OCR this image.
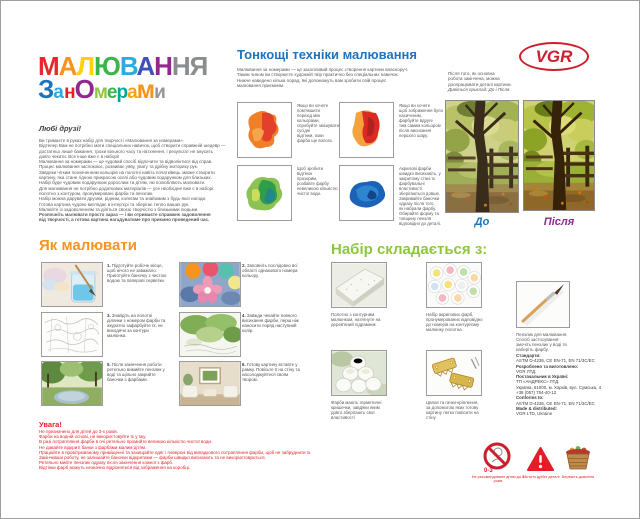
МАЛЮВАННЯ
За нОмерами
Любі друзі!
Ви тримаєте в руках набір для творчості «Малювання за номерами».
Відтепер Вам не потрібно мати спеціальних навичок, щоб створити справжній шедевр —
достатньо лише бажання, трохи вільного часу та натхнення, і результат не змусить
довго чекати. Все інше вже є в наборі!
Малювання за номерами — це чудовий спосіб відпочити та відволіктися від справ.
Процес малювання заспокоює, розвиває уяву, увагу та дрібну моторику рук.
Завдяки чітким позначенням кольорів на полотні навіть початківець зможе створити
картину, яка стане гідною прикрасою оселі або чудовим подарунком для близьких.
Набір буде чудовим подарунком дорослим та дітям, які полюбляють малювати.
Для малювання не потрібно додаткових матеріалів — усе необхідне вже є в наборі:
полотно з контуром, пронумеровані фарби та пензлик.
Набір можна дарувати друзям, рідним, колегам та знайомим з будь-якої нагоди.
Готова картина чудово виглядає в інтер'єрі та зберігає тепло ваших рук.
Малюйте із задоволенням та діліться своєю творчістю з близькими людьми.
Розпочніть малювати просто зараз — і ви отримаєте справжнє задоволення
від творчості, а готова картина нагадуватиме про приємно проведений час.
Тонкощі техніки малювання
Малювання за номерами — це захопливий процес створення картини власноруч.
Таким чином ви створюєте художній твір практично без спеціальних навичок.
Нижче наведено кілька порад, які допоможуть вам зробити свій процес
малювання приємним.
Якщо ви хочете
пом'якшити
перехід між
кольорами,
спробуйте змішувати
сусідні
відтінки, поки
фарба ще волога.
Якщо ви хочете
щоб зображення було
насиченим,
фарбуйте вдруге
тим самим кольором
після висихання
першого шару.
Щоб зробити
відтінок
прозорим,
розбавте фарбу
невеликою кількістю
чистої води.
Акрилові фарби
швидко висихають, у
закритому стані їх
фарбувальні
властивості
зберігаються довше.
Закривайте баночки
одразу після того,
як набрали фарбу.
Обирайте форму та
товщину пензля
відповідно до деталі.
VGR
Після того, як основна
робота закінчена, можна
доопрацювати деталі картини.
Дивіться приклад: До і Після.
До	Після
Як малювати
1. Підготуйте робоче місце, щоб нічого не заважало. Приготуйте баночку з чистою водою та паперові серветки.
2. Заповніть послідовно всі області однакового номера кольору.
3. Знайдіть на полотні ділянки з номером фарби та акуратно зафарбуйте їх, не виходячи за контури малюнка.
4. Завжди чекайте повного висихання фарби, перш ніж наносити поряд наступний колір.
5. Після закінчення роботи ретельно вимийте пензлик у воді та щільно закрийте баночки з фарбами.
6. Готову картину вставте у рамку. Повісьте її на стіну та насолоджуйтеся своїм твором.
Увага!
Не призначено для дітей до 3-х років.
Фарби на водній основі, не використовуйте їх у їжу.
В разі потрапляння фарби в очі ретельно промийте великою кількістю чистої води.
Не давайте відкриті банки з фарбами малим дітям.
Працюйте в провітрюваному приміщенні та захищайте одяг і поверхні від випадкового потрапляння фарби, щоб не забруднити їх.
Закінчивши роботу, не залишайте баночки відкритими — фарби швидко висихають та не використовуються.
Ретельно мийте пензлик одразу після закінчення кожної з фарб.
Відтінки фарб можуть незначно відрізнятися від зображення на коробці.
Набір складається з:
Полотно з контурним малюнком, натягнуте на дерев'яний підрамник
Набір акрилових фарб, пронумерованих відповідно до номерів на контурному малюнку полотна
Фарби мають герметичні кришечки, завдяки яким довго зберігають свої властивості
Цвяхи та гачки-кріплення, за допомогою яких готову картину легко повісити на стіну
Пензлик для малювання. Спосіб застосування: змочіть пензлик у воді та наберіть фарбу.
Стандарти:
ASTM D-4236, CE EN-71, EN 71/3C/EC
Розроблено та виготовлено:
VGR ЛТД.
Постачальник в Україні:
ТП «АНДРЕКС» ЛТД.
Україна, 61000, м. Харків, вул. Сумська, 4
+38 (057) 754-40-12
Conforms to:
ASTM D-4236, CE EN-71, EN 71/3C/EC
Made & distributed:
VGR LTD, Ukraine
0-3
Не рекомендовано дітям до 3 років
Містить дрібні деталі Бережіть довкілля
